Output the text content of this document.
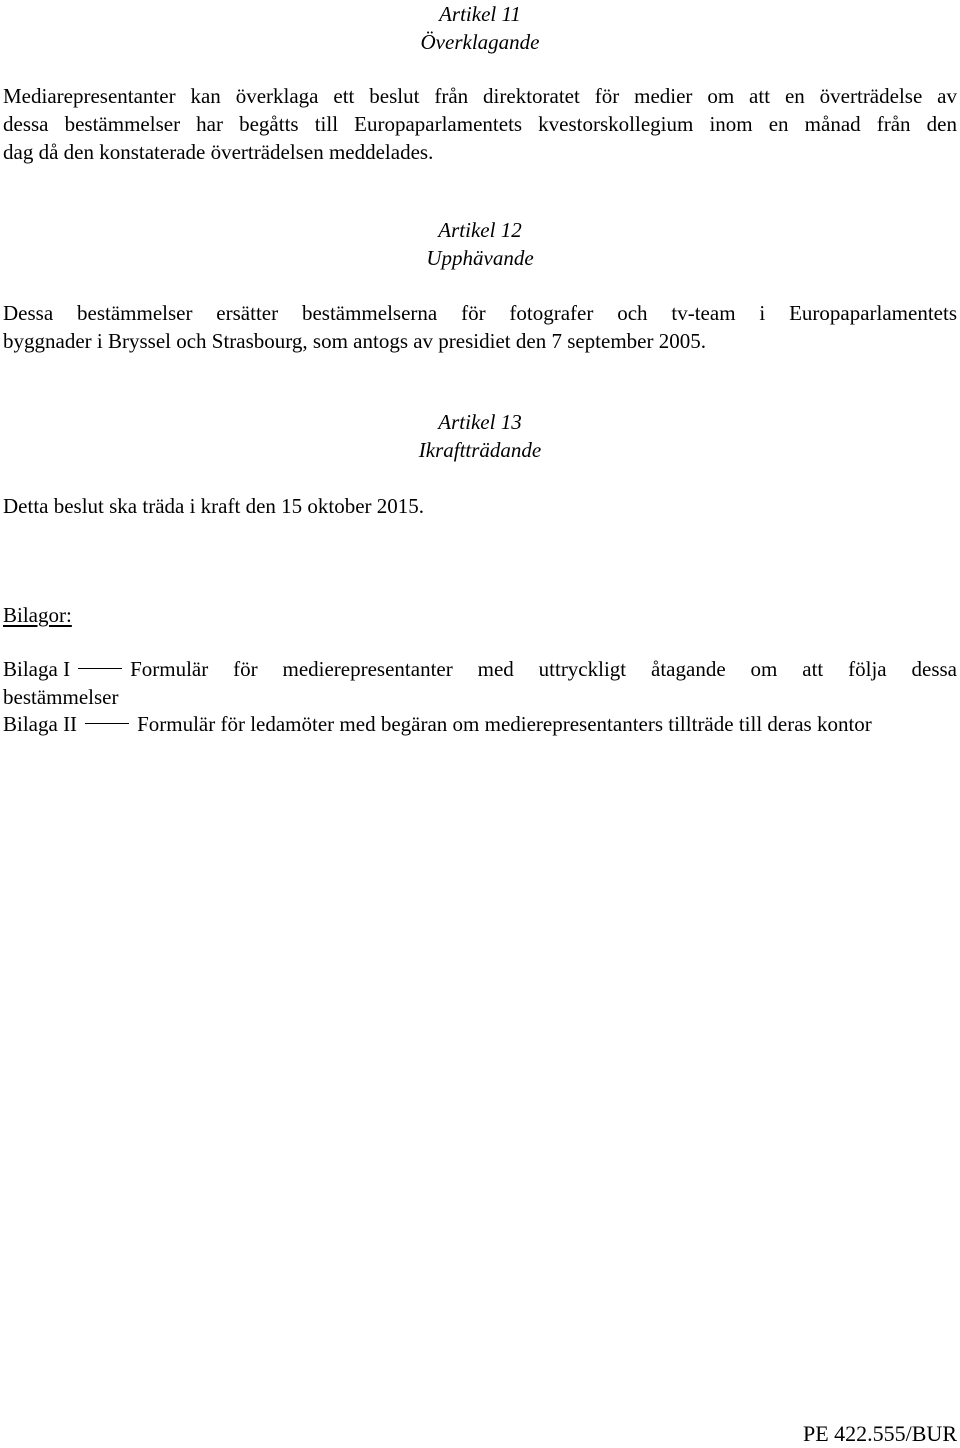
Artikel 11
Överklagande
Mediarepresentanter kan överklaga ett beslut från direktoratet för medier om att en överträdelse av
dessa bestämmelser har begåtts till Europaparlamentets kvestorskollegium inom en månad från den
dag då den konstaterade överträdelsen meddelades.
Artikel 12
Upphävande
Dessa bestämmelser ersätter bestämmelserna för fotografer och tv-team i Europaparlamentets
byggnader i Bryssel och Strasbourg, som antogs av presidiet den 7 september 2005.
Artikel 13
Ikraftträdande
Detta beslut ska träda i kraft den 15 oktober 2015.
Bilagor:
Bilaga I	Formulär för medierepresentanter med uttryckligt åtagande om att följa dessa
bestämmelser
Bilaga II	Formulär för ledamöter med begäran om medierepresentanters tillträde till deras kontor
PE 422.555/BUR
